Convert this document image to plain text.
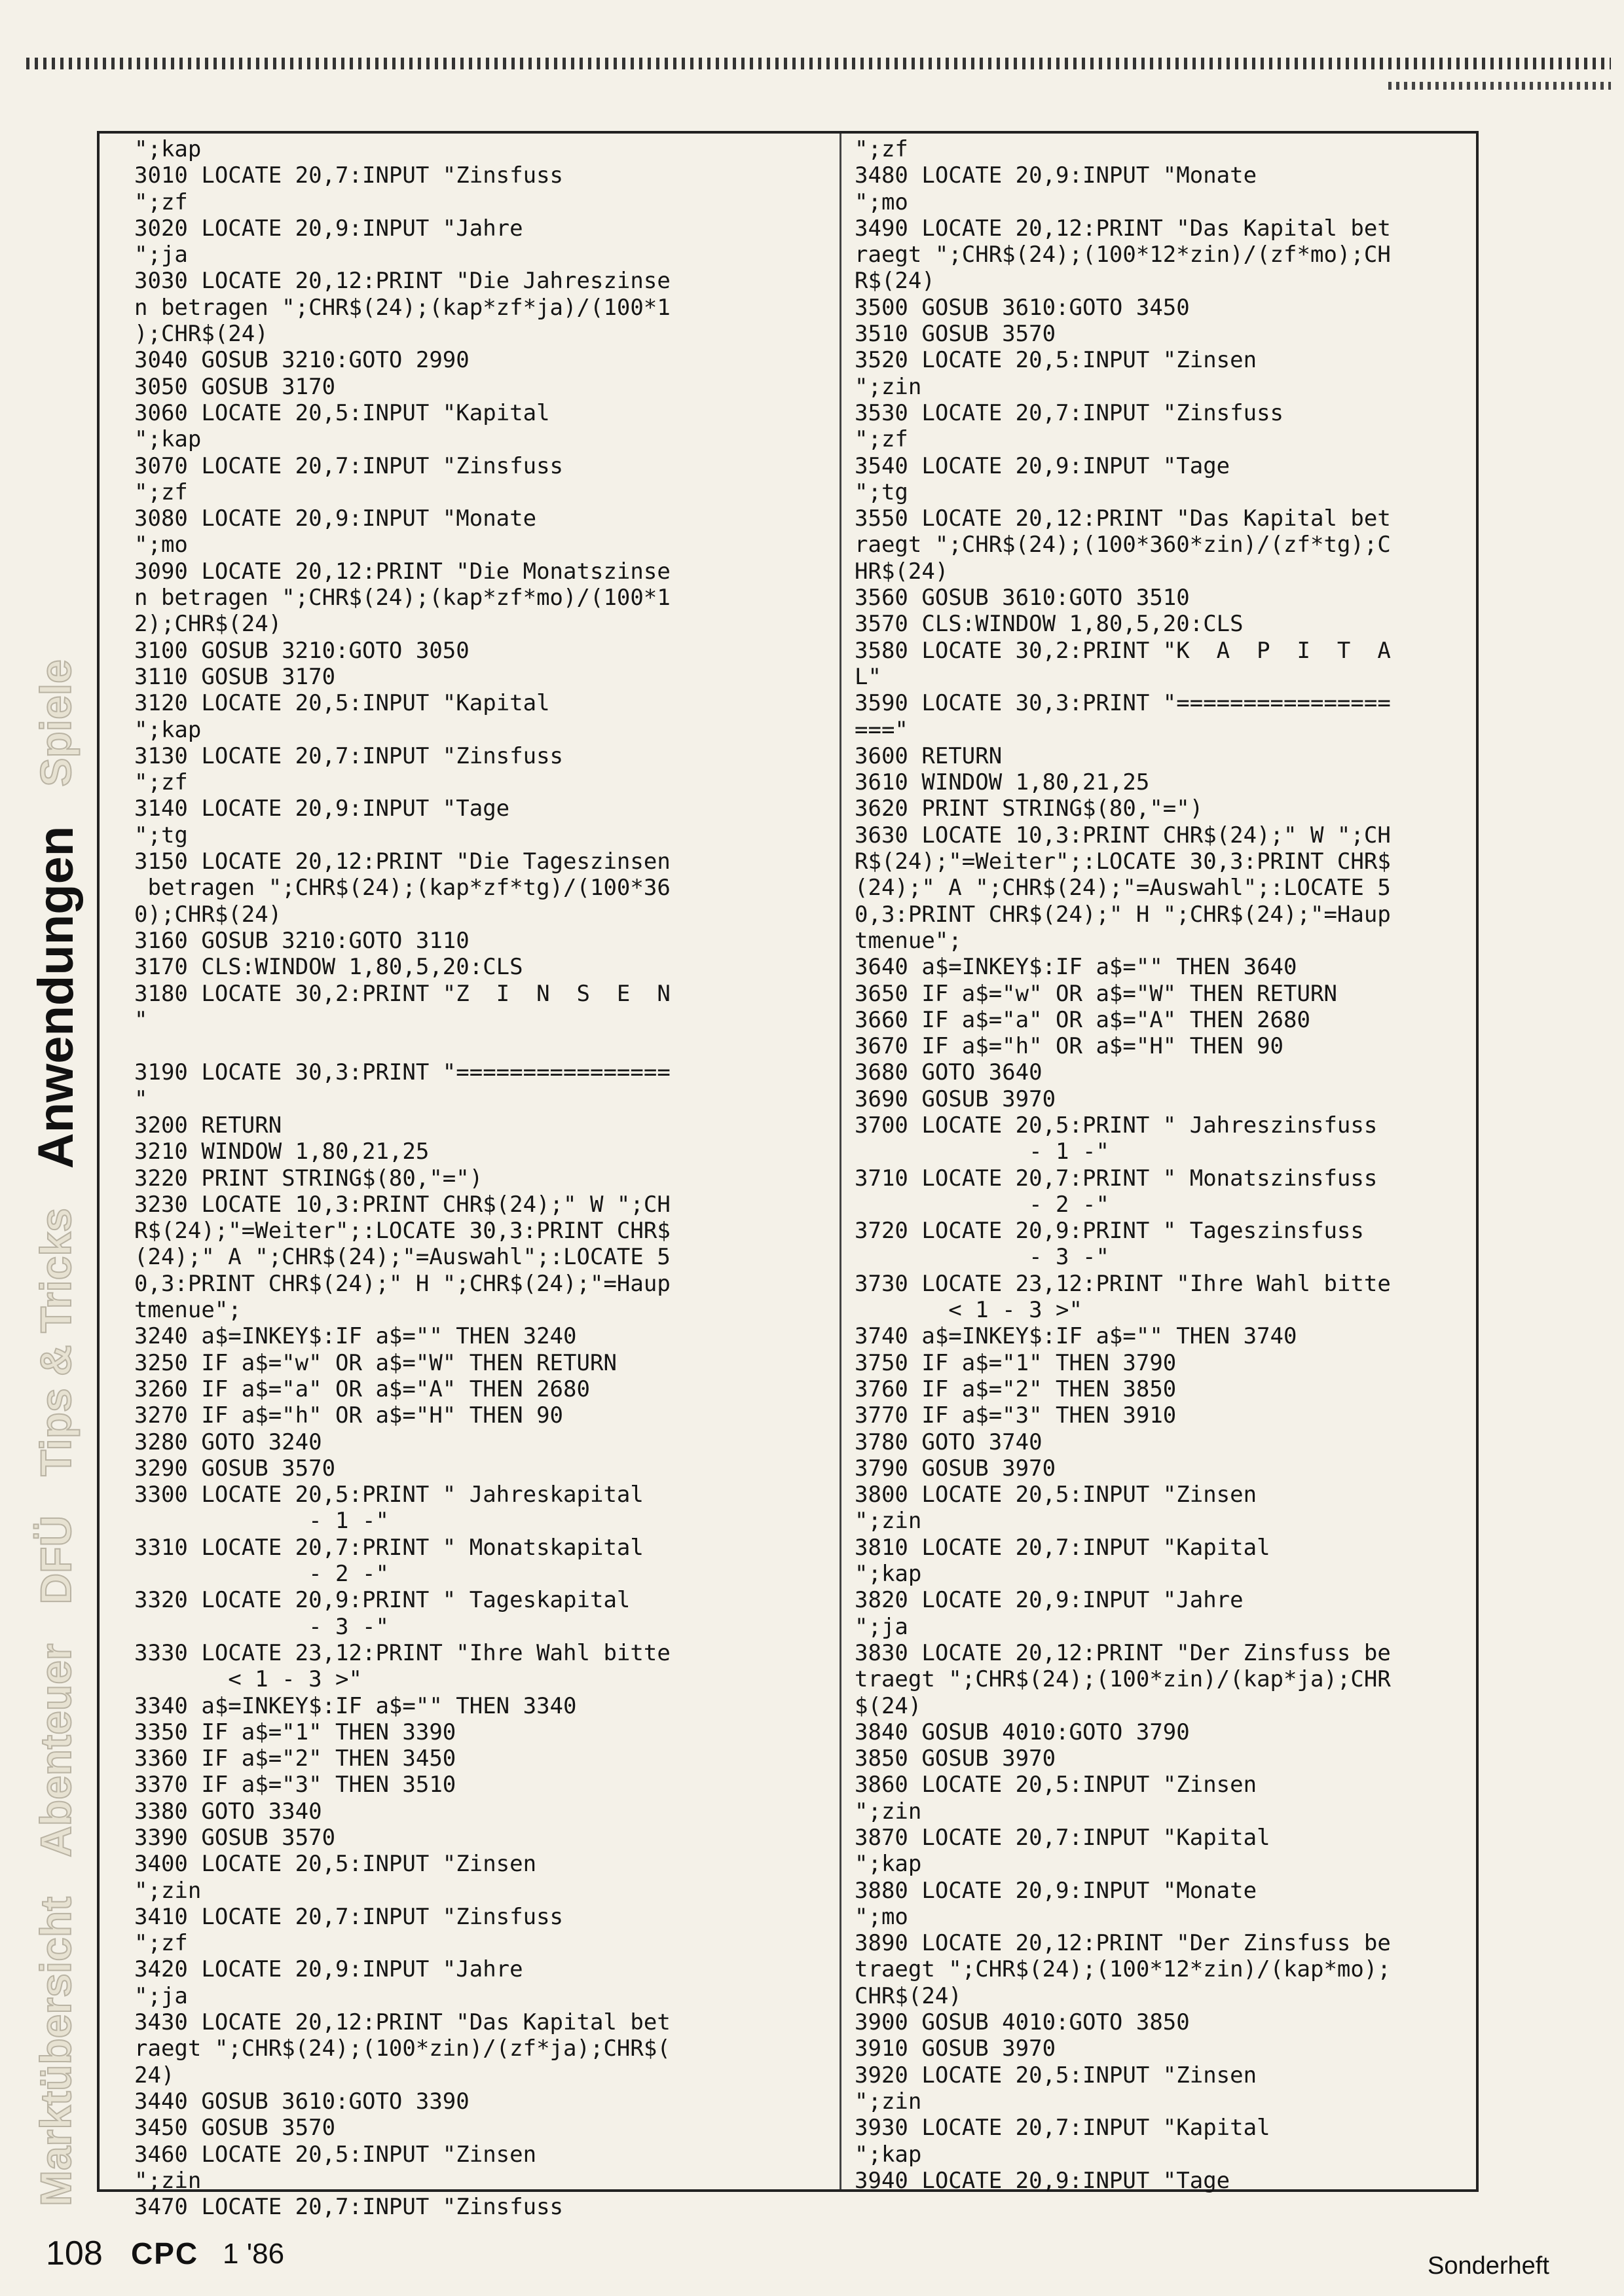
Marktübersicht
Abenteuer
DFÜ
Tips & Tricks
Anwendungen
Spiele
";kap
3010 LOCATE 20,7:INPUT "Zinsfuss
";zf
3020 LOCATE 20,9:INPUT "Jahre
";ja
3030 LOCATE 20,12:PRINT "Die Jahreszinse
n betragen ";CHR$(24);(kap*zf*ja)/(100*1
);CHR$(24)
3040 GOSUB 3210:GOTO 2990
3050 GOSUB 3170
3060 LOCATE 20,5:INPUT "Kapital
";kap
3070 LOCATE 20,7:INPUT "Zinsfuss
";zf
3080 LOCATE 20,9:INPUT "Monate
";mo
3090 LOCATE 20,12:PRINT "Die Monatszinse
n betragen ";CHR$(24);(kap*zf*mo)/(100*1
2);CHR$(24)
3100 GOSUB 3210:GOTO 3050
3110 GOSUB 3170
3120 LOCATE 20,5:INPUT "Kapital
";kap
3130 LOCATE 20,7:INPUT "Zinsfuss
";zf
3140 LOCATE 20,9:INPUT "Tage
";tg
3150 LOCATE 20,12:PRINT "Die Tageszinsen
betragen ";CHR$(24);(kap*zf*tg)/(100*36
0);CHR$(24)
3160 GOSUB 3210:GOTO 3110
3170 CLS:WINDOW 1,80,5,20:CLS
3180 LOCATE 30,2:PRINT "Z  I  N  S  E  N
"
3190 LOCATE 30,3:PRINT "================
"
3200 RETURN
3210 WINDOW 1,80,21,25
3220 PRINT STRING$(80,"=")
3230 LOCATE 10,3:PRINT CHR$(24);" W ";CH
R$(24);"=Weiter";:LOCATE 30,3:PRINT CHR$
(24);" A ";CHR$(24);"=Auswahl";:LOCATE 5
0,3:PRINT CHR$(24);" H ";CHR$(24);"=Haup
tmenue";
3240 a$=INKEY$:IF a$="" THEN 3240
3250 IF a$="w" OR a$="W" THEN RETURN
3260 IF a$="a" OR a$="A" THEN 2680
3270 IF a$="h" OR a$="H" THEN 90
3280 GOTO 3240
3290 GOSUB 3570
3300 LOCATE 20,5:PRINT " Jahreskapital
- 1 -"
3310 LOCATE 20,7:PRINT " Monatskapital
- 2 -"
3320 LOCATE 20,9:PRINT " Tageskapital
- 3 -"
3330 LOCATE 23,12:PRINT "Ihre Wahl bitte
< 1 - 3 >"
3340 a$=INKEY$:IF a$="" THEN 3340
3350 IF a$="1" THEN 3390
3360 IF a$="2" THEN 3450
3370 IF a$="3" THEN 3510
3380 GOTO 3340
3390 GOSUB 3570
3400 LOCATE 20,5:INPUT "Zinsen
";zin
3410 LOCATE 20,7:INPUT "Zinsfuss
";zf
3420 LOCATE 20,9:INPUT "Jahre
";ja
3430 LOCATE 20,12:PRINT "Das Kapital bet
raegt ";CHR$(24);(100*zin)/(zf*ja);CHR$(
24)
3440 GOSUB 3610:GOTO 3390
3450 GOSUB 3570
3460 LOCATE 20,5:INPUT "Zinsen
";zin
3470 LOCATE 20,7:INPUT "Zinsfuss
";zf
3480 LOCATE 20,9:INPUT "Monate
";mo
3490 LOCATE 20,12:PRINT "Das Kapital bet
raegt ";CHR$(24);(100*12*zin)/(zf*mo);CH
R$(24)
3500 GOSUB 3610:GOTO 3450
3510 GOSUB 3570
3520 LOCATE 20,5:INPUT "Zinsen
";zin
3530 LOCATE 20,7:INPUT "Zinsfuss
";zf
3540 LOCATE 20,9:INPUT "Tage
";tg
3550 LOCATE 20,12:PRINT "Das Kapital bet
raegt ";CHR$(24);(100*360*zin)/(zf*tg);C
HR$(24)
3560 GOSUB 3610:GOTO 3510
3570 CLS:WINDOW 1,80,5,20:CLS
3580 LOCATE 30,2:PRINT "K  A  P  I  T  A
L"
3590 LOCATE 30,3:PRINT "================
==="
3600 RETURN
3610 WINDOW 1,80,21,25
3620 PRINT STRING$(80,"=")
3630 LOCATE 10,3:PRINT CHR$(24);" W ";CH
R$(24);"=Weiter";:LOCATE 30,3:PRINT CHR$
(24);" A ";CHR$(24);"=Auswahl";:LOCATE 5
0,3:PRINT CHR$(24);" H ";CHR$(24);"=Haup
tmenue";
3640 a$=INKEY$:IF a$="" THEN 3640
3650 IF a$="w" OR a$="W" THEN RETURN
3660 IF a$="a" OR a$="A" THEN 2680
3670 IF a$="h" OR a$="H" THEN 90
3680 GOTO 3640
3690 GOSUB 3970
3700 LOCATE 20,5:PRINT " Jahreszinsfuss
- 1 -"
3710 LOCATE 20,7:PRINT " Monatszinsfuss
- 2 -"
3720 LOCATE 20,9:PRINT " Tageszinsfuss
- 3 -"
3730 LOCATE 23,12:PRINT "Ihre Wahl bitte
< 1 - 3 >"
3740 a$=INKEY$:IF a$="" THEN 3740
3750 IF a$="1" THEN 3790
3760 IF a$="2" THEN 3850
3770 IF a$="3" THEN 3910
3780 GOTO 3740
3790 GOSUB 3970
3800 LOCATE 20,5:INPUT "Zinsen
";zin
3810 LOCATE 20,7:INPUT "Kapital
";kap
3820 LOCATE 20,9:INPUT "Jahre
";ja
3830 LOCATE 20,12:PRINT "Der Zinsfuss be
traegt ";CHR$(24);(100*zin)/(kap*ja);CHR
$(24)
3840 GOSUB 4010:GOTO 3790
3850 GOSUB 3970
3860 LOCATE 20,5:INPUT "Zinsen
";zin
3870 LOCATE 20,7:INPUT "Kapital
";kap
3880 LOCATE 20,9:INPUT "Monate
";mo
3890 LOCATE 20,12:PRINT "Der Zinsfuss be
traegt ";CHR$(24);(100*12*zin)/(kap*mo);
CHR$(24)
3900 GOSUB 4010:GOTO 3850
3910 GOSUB 3970
3920 LOCATE 20,5:INPUT "Zinsen
";zin
3930 LOCATE 20,7:INPUT "Kapital
";kap
3940 LOCATE 20,9:INPUT "Tage
108 CPC 1 '86	Sonderheft
